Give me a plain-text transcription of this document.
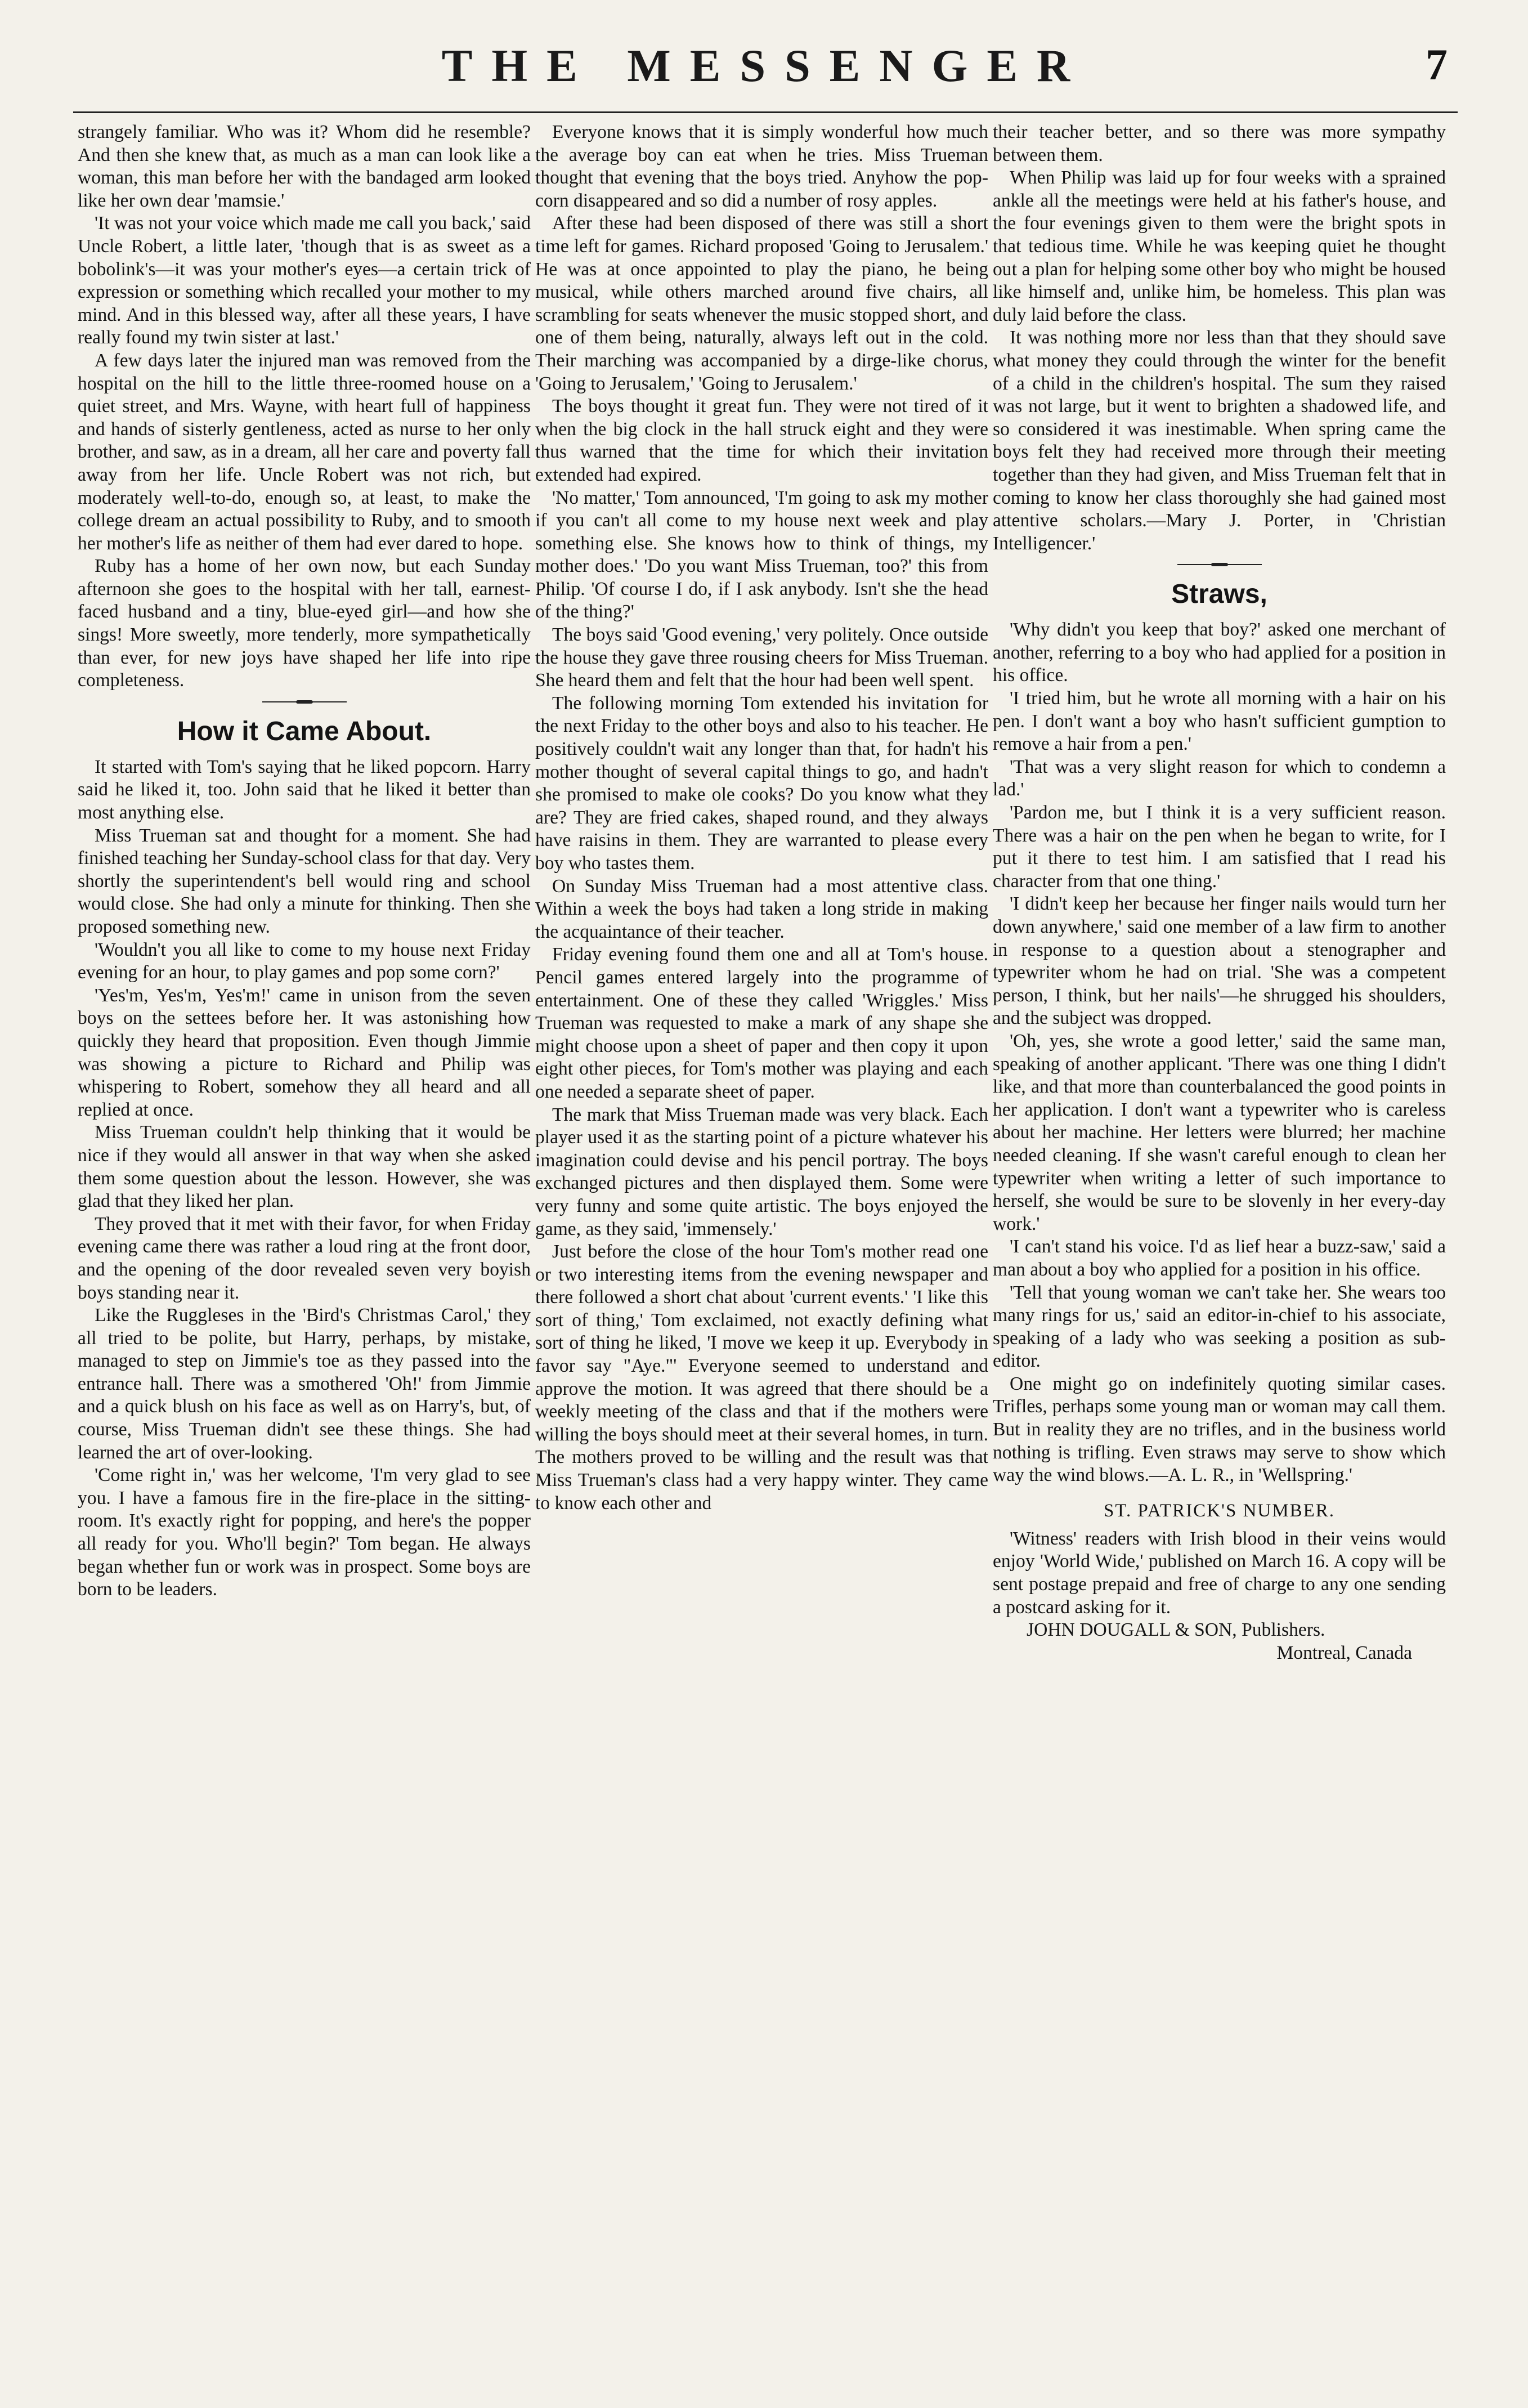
THE MESSENGER	7

strangely familiar. Who was it? Whom did he resemble? And then she knew that, as much as a man can look like a woman, this man before her with the bandaged arm looked like her own dear 'mamsie.'

'It was not your voice which made me call you back,' said Uncle Robert, a little later, 'though that is as sweet as a bobolink's—it was your mother's eyes—a certain trick of expression or something which recalled your mother to my mind. And in this blessed way, after all these years, I have really found my twin sister at last.'

A few days later the injured man was removed from the hospital on the hill to the little three-roomed house on a quiet street, and Mrs. Wayne, with heart full of happiness and hands of sisterly gentleness, acted as nurse to her only brother, and saw, as in a dream, all her care and poverty fall away from her life. Uncle Robert was not rich, but moderately well-to-do, enough so, at least, to make the college dream an actual possibility to Ruby, and to smooth her mother's life as neither of them had ever dared to hope.

Ruby has a home of her own now, but each Sunday afternoon she goes to the hospital with her tall, earnest-faced husband and a tiny, blue-eyed girl—and how she sings! More sweetly, more tenderly, more sympathetically than ever, for new joys have shaped her life into ripe completeness.

How it Came About.

It started with Tom's saying that he liked popcorn. Harry said he liked it, too. John said that he liked it better than most anything else.

Miss Trueman sat and thought for a moment. She had finished teaching her Sunday-school class for that day. Very shortly the superintendent's bell would ring and school would close. She had only a minute for thinking. Then she proposed something new.

'Wouldn't you all like to come to my house next Friday evening for an hour, to play games and pop some corn?'

'Yes'm, Yes'm, Yes'm!' came in unison from the seven boys on the settees before her. It was astonishing how quickly they heard that proposition. Even though Jimmie was showing a picture to Richard and Philip was whispering to Robert, somehow they all heard and all replied at once.

Miss Trueman couldn't help thinking that it would be nice if they would all answer in that way when she asked them some question about the lesson. However, she was glad that they liked her plan.

They proved that it met with their favor, for when Friday evening came there was rather a loud ring at the front door, and the opening of the door revealed seven very boyish boys standing near it.

Like the Ruggleses in the 'Bird's Christmas Carol,' they all tried to be polite, but Harry, perhaps, by mistake, managed to step on Jimmie's toe as they passed into the entrance hall. There was a smothered 'Oh!' from Jimmie and a quick blush on his face as well as on Harry's, but, of course, Miss Trueman didn't see these things. She had learned the art of over-looking.

'Come right in,' was her welcome, 'I'm very glad to see you. I have a famous fire in the fire-place in the sitting-room. It's exactly right for popping, and here's the popper all ready for you. Who'll begin?' Tom began. He always began whether fun or work was in prospect. Some boys are born to be leaders.

Everyone knows that it is simply wonderful how much the average boy can eat when he tries. Miss Trueman thought that evening that the boys tried. Anyhow the pop-corn disappeared and so did a number of rosy apples.

After these had been disposed of there was still a short time left for games. Richard proposed 'Going to Jerusalem.' He was at once appointed to play the piano, he being musical, while others marched around five chairs, all scrambling for seats whenever the music stopped short, and one of them being, naturally, always left out in the cold. Their marching was accompanied by a dirge-like chorus, 'Going to Jerusalem,' 'Going to Jerusalem.'

The boys thought it great fun. They were not tired of it when the big clock in the hall struck eight and they were thus warned that the time for which their invitation extended had expired.

'No matter,' Tom announced, 'I'm going to ask my mother if you can't all come to my house next week and play something else. She knows how to think of things, my mother does.' 'Do you want Miss Trueman, too?' this from Philip. 'Of course I do, if I ask anybody. Isn't she the head of the thing?'

The boys said 'Good evening,' very politely. Once outside the house they gave three rousing cheers for Miss Trueman. She heard them and felt that the hour had been well spent.

The following morning Tom extended his invitation for the next Friday to the other boys and also to his teacher. He positively couldn't wait any longer than that, for hadn't his mother thought of several capital things to go, and hadn't she promised to make ole cooks? Do you know what they are? They are fried cakes, shaped round, and they always have raisins in them. They are warranted to please every boy who tastes them.

On Sunday Miss Trueman had a most attentive class. Within a week the boys had taken a long stride in making the acquaintance of their teacher.

Friday evening found them one and all at Tom's house. Pencil games entered largely into the programme of entertainment. One of these they called 'Wriggles.' Miss Trueman was requested to make a mark of any shape she might choose upon a sheet of paper and then copy it upon eight other pieces, for Tom's mother was playing and each one needed a separate sheet of paper.

The mark that Miss Trueman made was very black. Each player used it as the starting point of a picture whatever his imagination could devise and his pencil portray. The boys exchanged pictures and then displayed them. Some were very funny and some quite artistic. The boys enjoyed the game, as they said, 'immensely.'

Just before the close of the hour Tom's mother read one or two interesting items from the evening newspaper and there followed a short chat about 'current events.' 'I like this sort of thing,' Tom exclaimed, not exactly defining what sort of thing he liked, 'I move we keep it up. Everybody in favor say "Aye."' Everyone seemed to understand and approve the motion. It was agreed that there should be a weekly meeting of the class and that if the mothers were willing the boys should meet at their several homes, in turn. The mothers proved to be willing and the result was that Miss Trueman's class had a very happy winter. They came to know each other and

their teacher better, and so there was more sympathy between them.

When Philip was laid up for four weeks with a sprained ankle all the meetings were held at his father's house, and the four evenings given to them were the bright spots in that tedious time. While he was keeping quiet he thought out a plan for helping some other boy who might be housed like himself and, unlike him, be homeless. This plan was duly laid before the class.

It was nothing more nor less than that they should save what money they could through the winter for the benefit of a child in the children's hospital. The sum they raised was not large, but it went to brighten a shadowed life, and so considered it was inestimable. When spring came the boys felt they had received more through their meeting together than they had given, and Miss Trueman felt that in coming to know her class thoroughly she had gained most attentive scholars.—Mary J. Porter, in 'Christian Intelligencer.'

Straws,

'Why didn't you keep that boy?' asked one merchant of another, referring to a boy who had applied for a position in his office.

'I tried him, but he wrote all morning with a hair on his pen. I don't want a boy who hasn't sufficient gumption to remove a hair from a pen.'

'That was a very slight reason for which to condemn a lad.'

'Pardon me, but I think it is a very sufficient reason. There was a hair on the pen when he began to write, for I put it there to test him. I am satisfied that I read his character from that one thing.'

'I didn't keep her because her finger nails would turn her down anywhere,' said one member of a law firm to another in response to a question about a stenographer and typewriter whom he had on trial. 'She was a competent person, I think, but her nails'—he shrugged his shoulders, and the subject was dropped.

'Oh, yes, she wrote a good letter,' said the same man, speaking of another applicant. 'There was one thing I didn't like, and that more than counterbalanced the good points in her application. I don't want a typewriter who is careless about her machine. Her letters were blurred; her machine needed cleaning. If she wasn't careful enough to clean her typewriter when writing a letter of such importance to herself, she would be sure to be slovenly in her every-day work.'

'I can't stand his voice. I'd as lief hear a buzz-saw,' said a man about a boy who applied for a position in his office.

'Tell that young woman we can't take her. She wears too many rings for us,' said an editor-in-chief to his associate, speaking of a lady who was seeking a position as sub-editor.

One might go on indefinitely quoting similar cases. Trifles, perhaps some young man or woman may call them. But in reality they are no trifles, and in the business world nothing is trifling. Even straws may serve to show which way the wind blows.—A. L. R., in 'Wellspring.'

ST. PATRICK'S NUMBER.

'Witness' readers with Irish blood in their veins would enjoy 'World Wide,' published on March 16. A copy will be sent postage prepaid and free of charge to any one sending a postcard asking for it.

JOHN DOUGALL & SON, Publishers.

Montreal, Canada
